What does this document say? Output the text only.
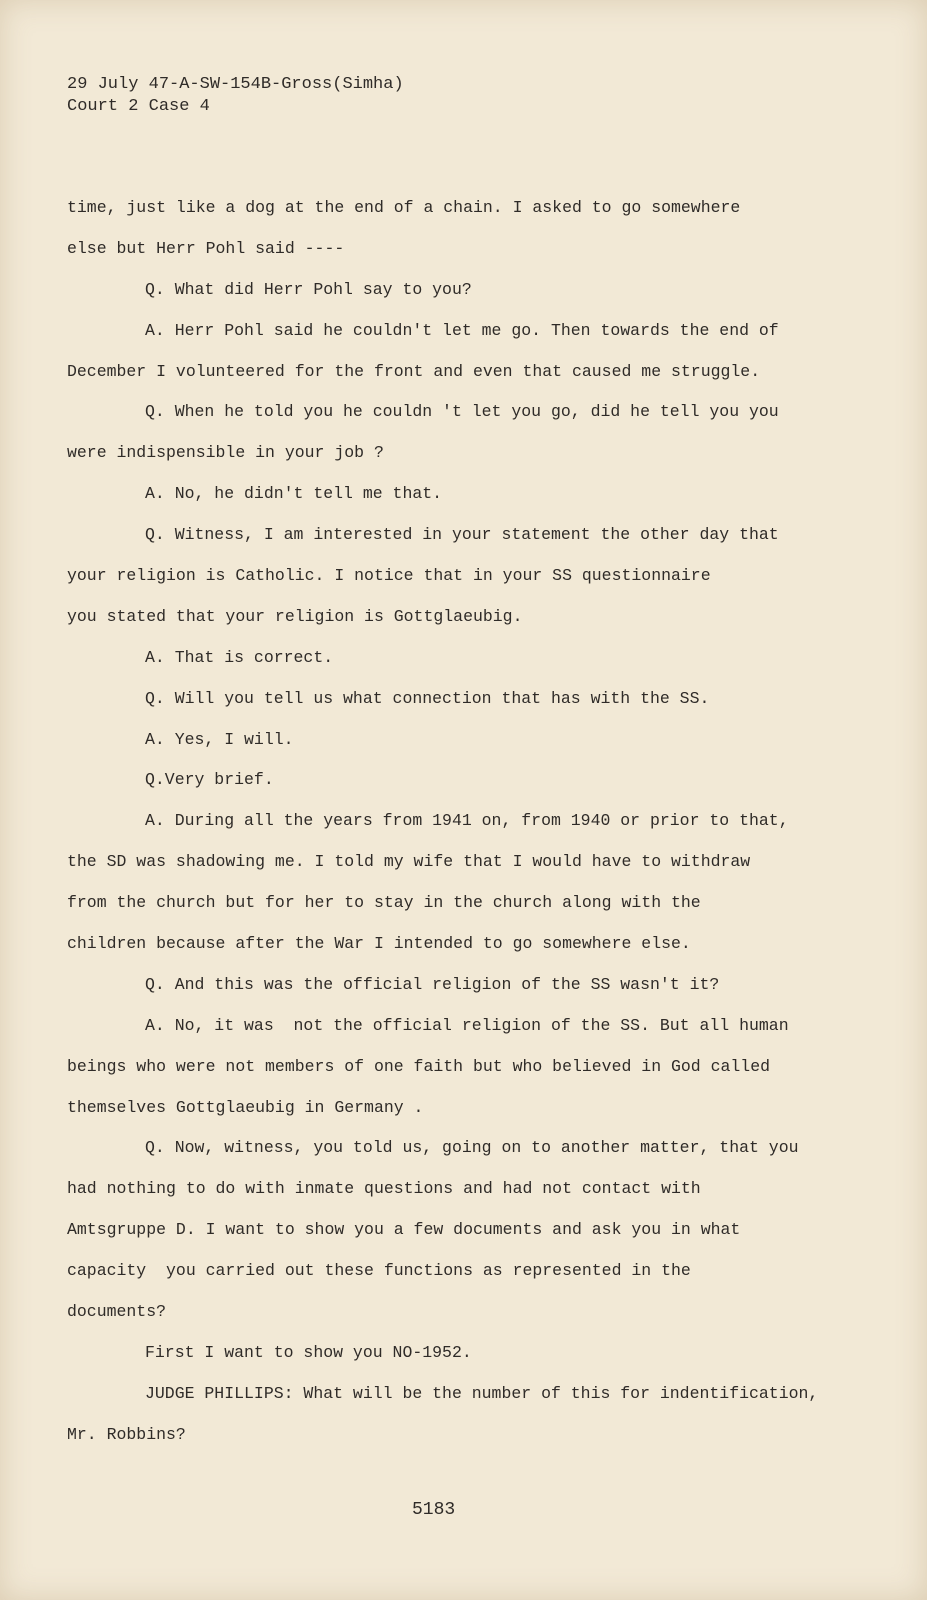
29 July 47-A-SW-154B-Gross(Simha)
Court 2 Case 4
time, just like a dog at the end of a chain. I asked to go somewhere
else but Herr Pohl said ----
Q. What did Herr Pohl say to you?
A. Herr Pohl said he couldn't let me go. Then towards the end of
December I volunteered for the front and even that caused me struggle.
Q. When he told you he couldn 't let you go, did he tell you you
were indispensible in your job ?
A. No, he didn't tell me that.
Q. Witness, I am interested in your statement the other day that
your religion is Catholic. I notice that in your SS questionnaire
you stated that your religion is Gottglaeubig.
A. That is correct.
Q. Will you tell us what connection that has with the SS.
A. Yes, I will.
Q.Very brief.
A. During all the years from 1941 on, from 1940 or prior to that,
the SD was shadowing me. I told my wife that I would have to withdraw
from the church but for her to stay in the church along with the
children because after the War I intended to go somewhere else.
Q. And this was the official religion of the SS wasn't it?
A. No, it was  not the official religion of the SS. But all human
beings who were not members of one faith but who believed in God called
themselves Gottglaeubig in Germany .
Q. Now, witness, you told us, going on to another matter, that you
had nothing to do with inmate questions and had not contact with
Amtsgruppe D. I want to show you a few documents and ask you in what
capacity  you carried out these functions as represented in the
documents?
First I want to show you NO-1952.
JUDGE PHILLIPS: What will be the number of this for indentification,
Mr. Robbins?
5183
